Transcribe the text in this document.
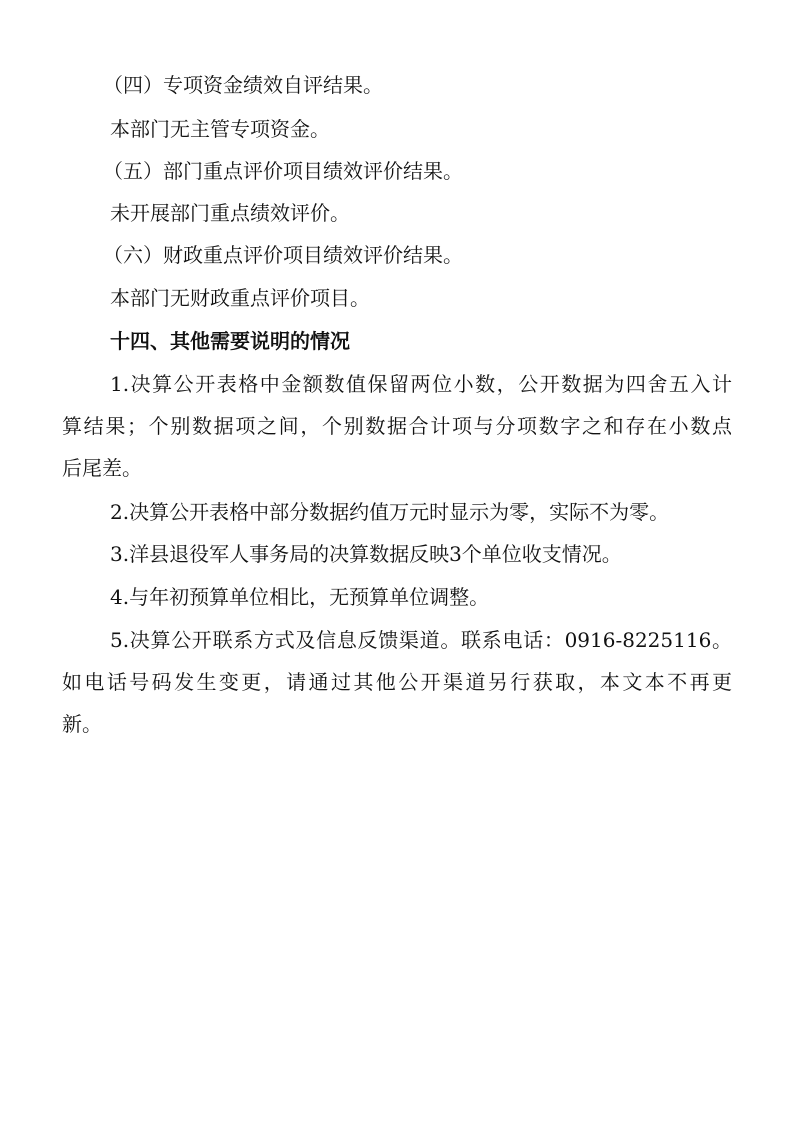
（四）专项资金绩效自评结果。
本部门无主管专项资金。
（五）部门重点评价项目绩效评价结果。
未开展部门重点绩效评价。
（六）财政重点评价项目绩效评价结果。
本部门无财政重点评价项目。
十四、其他需要说明的情况
1.决算公开表格中金额数值保留两位小数，公开数据为四舍五入计
算结果；个别数据项之间，个别数据合计项与分项数字之和存在小数点
后尾差。
2.决算公开表格中部分数据约值万元时显示为零，实际不为零。
3.洋县退役军人事务局的决算数据反映3个单位收支情况。
4.与年初预算单位相比，无预算单位调整。
5.决算公开联系方式及信息反馈渠道。联系电话：0916-8225116。
如电话号码发生变更，请通过其他公开渠道另行获取，本文本不再更
新。
